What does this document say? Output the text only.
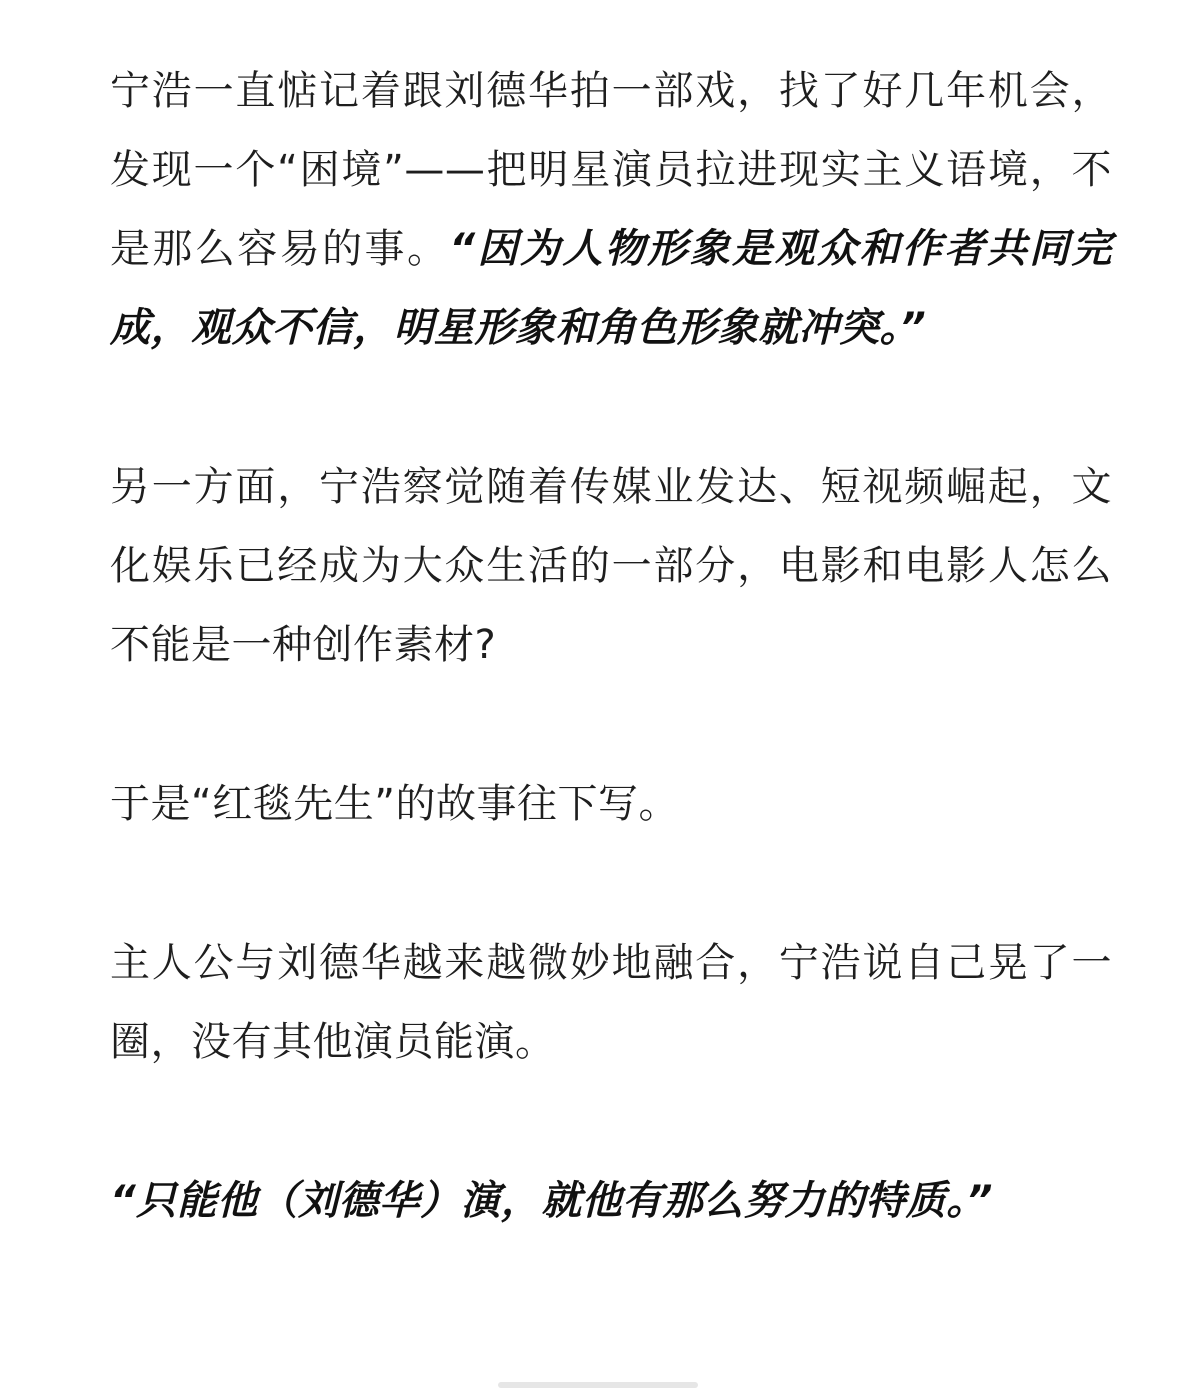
宁浩一直惦记着跟刘德华拍一部戏，找了好几年机会，发现一个“困境”——把明星演员拉进现实主义语境，不是那么容易的事。“因为人物形象是观众和作者共同完成，观众不信，明星形象和角色形象就冲突。”

另一方面，宁浩察觉随着传媒业发达、短视频崛起，文化娱乐已经成为大众生活的一部分，电影和电影人怎么不能是一种创作素材?

于是“红毯先生”的故事往下写。

主人公与刘德华越来越微妙地融合，宁浩说自己晃了一圈，没有其他演员能演。

“只能他（刘德华）演，就他有那么努力的特质。”
